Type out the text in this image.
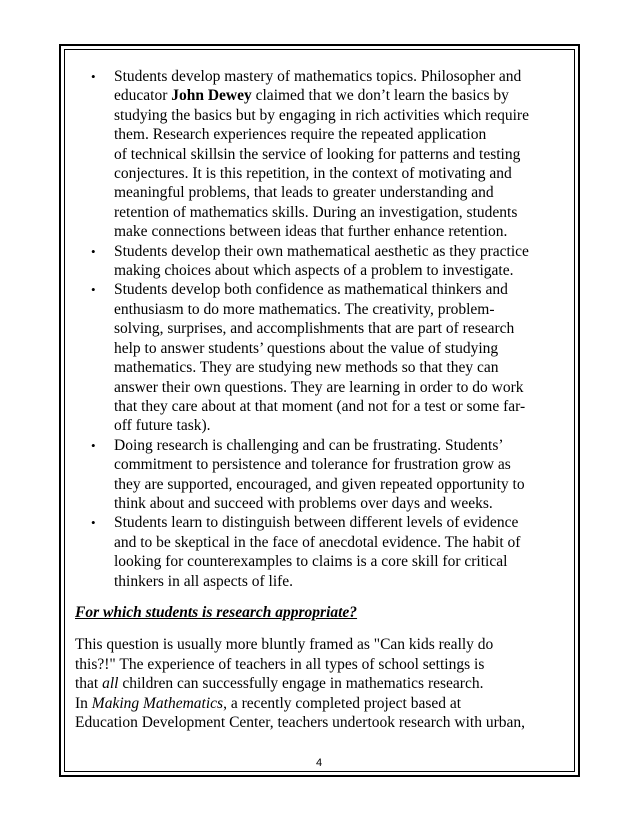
• Students develop mastery of mathematics topics. Philosopher and
educator John Dewey claimed that we don’t learn the basics by
studying the basics but by engaging in rich activities which require
them. Research experiences require the repeated application
of technical skillsin the service of looking for patterns and testing
conjectures. It is this repetition, in the context of motivating and
meaningful problems, that leads to greater understanding and
retention of mathematics skills. During an investigation, students
make connections between ideas that further enhance retention.
• Students develop their own mathematical aesthetic as they practice
making choices about which aspects of a problem to investigate.
• Students develop both confidence as mathematical thinkers and
enthusiasm to do more mathematics. The creativity, problem-
solving, surprises, and accomplishments that are part of research
help to answer students’ questions about the value of studying
mathematics. They are studying new methods so that they can
answer their own questions. They are learning in order to do work
that they care about at that moment (and not for a test or some far-
off future task).
• Doing research is challenging and can be frustrating. Students’
commitment to persistence and tolerance for frustration grow as
they are supported, encouraged, and given repeated opportunity to
think about and succeed with problems over days and weeks.
• Students learn to distinguish between different levels of evidence
and to be skeptical in the face of anecdotal evidence. The habit of
looking for counterexamples to claims is a core skill for critical
thinkers in all aspects of life.
For which students is research appropriate?
This question is usually more bluntly framed as "Can kids really do
this?!" The experience of teachers in all types of school settings is
that all children can successfully engage in mathematics research.
In Making Mathematics, a recently completed project based at
Education Development Center, teachers undertook research with urban,
4
